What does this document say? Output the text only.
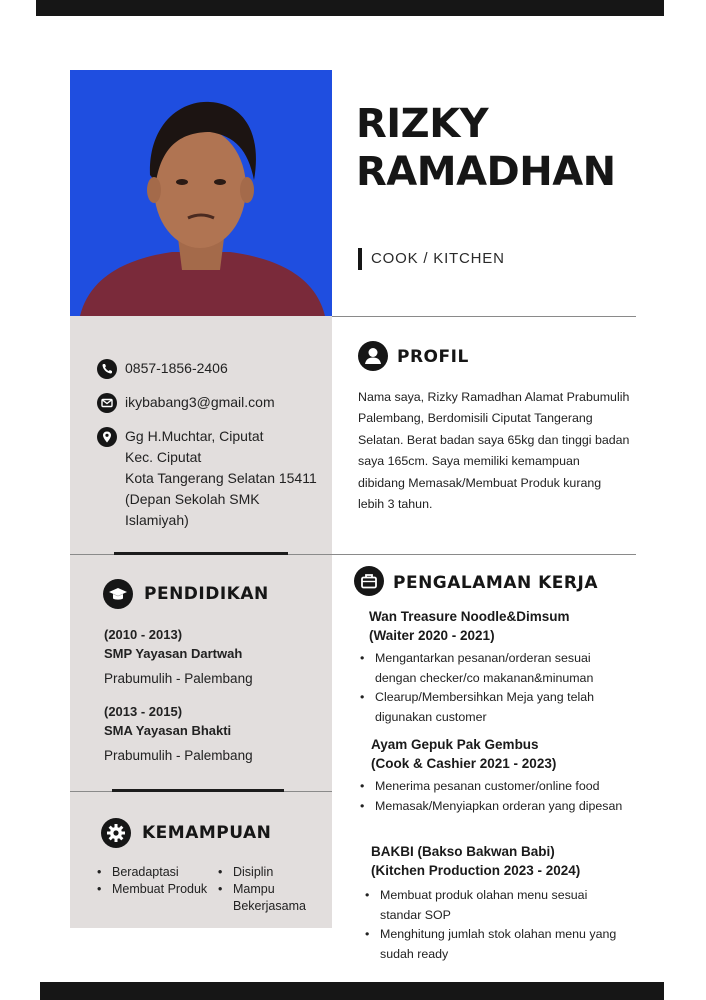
RIZKY
RAMADHAN
COOK / KITCHEN
0857-1856-2406
ikybabang3@gmail.com
Gg H.Muchtar, Ciputat
Kec. Ciputat
Kota Tangerang Selatan 15411
(Depan Sekolah SMK
Islamiyah)
PROFIL
Nama saya, Rizky Ramadhan Alamat Prabumulih Palembang, Berdomisili Ciputat Tangerang Selatan. Berat badan saya 65kg dan tinggi badan saya 165cm. Saya memiliki kemampuan dibidang Memasak/Membuat Produk kurang lebih 3 tahun.
PENDIDIKAN
(2010 - 2013)
SMP Yayasan Dartwah
Prabumulih - Palembang
(2013 - 2015)
SMA Yayasan Bhakti
Prabumulih - Palembang
KEMAMPUAN
• Beradaptasi
• Membuat Produk
• Disiplin
• Mampu Bekerjasama
PENGALAMAN KERJA
Wan Treasure Noodle&Dimsum
(Waiter 2020 - 2021)
• Mengantarkan pesanan/orderan sesuai dengan checker/co makanan&minuman
• Clearup/Membersihkan Meja yang telah digunakan customer
Ayam Gepuk Pak Gembus
(Cook & Cashier 2021 - 2023)
• Menerima pesanan customer/online food
• Memasak/Menyiapkan orderan yang dipesan
BAKBI (Bakso Bakwan Babi)
(Kitchen Production 2023 - 2024)
• Membuat produk olahan menu sesuai standar SOP
• Menghitung jumlah stok olahan menu yang sudah ready
